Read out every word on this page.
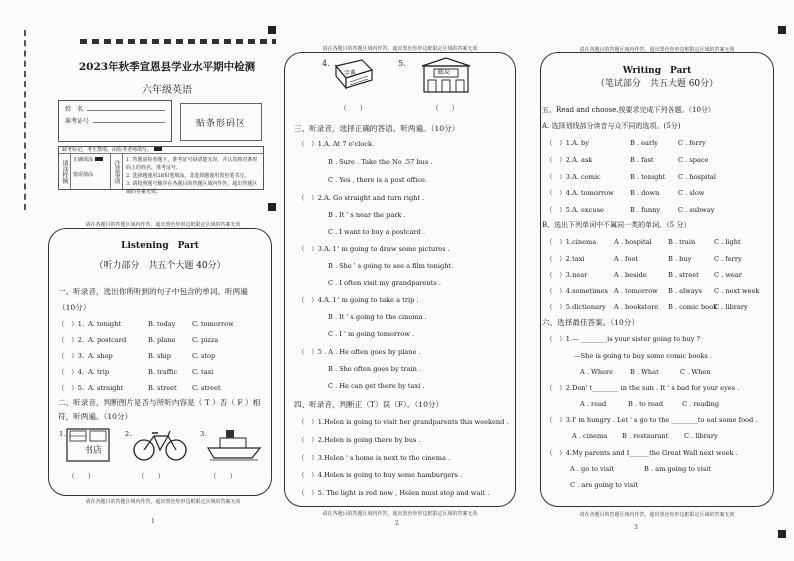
2023年秋季宣恩县学业水平期中检测
六年级英语
姓　名
准考证号	贴条形码区
缺考标记，考生禁填，由监考老师填写。
填涂样例	正确填涂
错误填涂	注意事项	1. 答题前检查题卡，准考证号码清楚无误，并认真核对条形码上的姓名、准考证号。
2. 选择题使用2B铅笔填涂，非选择题使用黑色笔书写。
3. 请按照题号顺序在各题目的答题区域内作答，超出答题区域的答案无效。
请在各题目的答题区域内作答，超出黑色矩形边框限定区域的答案无效
Listening　Part
（听力部分　共五个大题 40分）
一、听录音，选出你所听到的句子中包含的单词。听两遍
（10分）
（　）1. A. tonight	B. today C. tomorrow
（　）2. A. postcard	B. plane	C. pizza
（　）3. A. shop	B. ship	C. stop
（　）4. A. trip	B. traffic C. taxi
（　）5. A. straight	B. street C. street
二、听录音，判断图片是否与所听内容是（ T ）否（ F ）相
符，听两遍。（10分）
1.
书店
2.	3.
（　　）	（　　）	（　　）
请在各题目的答题区域内作答，超出黑色矩形边框限定区域的答案无效
1
请在各题目的答题区域内作答，超出黑色矩形边框限定区域的答案无效
4.
字典
5.
邮局
（　　）	（　　）
三、听录音，选择正确的答语。听两遍。（10分）
（　）1.A. At 7 o'clock.
B . Sure . Take the No .57 bus .
C . Yes , there is a post office.
（　）2.A. Go straight and turn right .
B . It ' s near the park .
C . I want to buy a postcard .
（　）3.A. I ' m going to draw some pictures .
B . She ' s going to see a film tonight.
C . I often visit my grandparents .
（　）4.A. I ' m going to take a trip .
B . It ' s going to the cinema .
C . I ' m going tomorrow .
（　）5 . A . He often goes by plane .
B . She often goes by train .
C . He can get there by taxi .
四、听录音，判断正（T）误（F）。（10分）
（　）1.Helen is going to visit her grandparents this weekend .
（　）2.Helen is going there by bus .
（　）3.Helen ' s home is next to the cinema .
（　）4.Helen is going to buy some hamburgers .
（　）5. The light is red now , Helen must stop and wait .
请在各题目的答题区域内作答，超出黑色矩形边框限定区域的答案无效
2
请在各题目的答题区域内作答，超出黑色矩形边框限定区域的答案无效
Writing　Part
（笔试部分　共五大题 60分）
五、Read and choose.按要求完成下列各题。（10分）
A. 选择划线部分读音与众不同的选项。(5分)
（　）1.A. by	B . early	C . ferry
（　）2.A. ask	B . fast	C . space
（　）3.A. comic	B . tonight C . hospital
（　）4.A. tomorrow B . down	C . slow
（　）5.A. excuse	B . funny	C . subway
B、选出下列单词中不属同一类的单词。（5 分）
（　）1.cinema	A . hospital B . train	C . light
（　）2.taxi	A . foot	B . buy	C . ferry
（　）3.near	A . beside	B . street C . wear
（　）4.sometimes A . tomorrow B . always C . next week
（　）5.dictionary A . bookstore B . comic book
C . library
六、选择最佳答案。（10分）
（　）1.— ________is your sister going to buy ?
—She is going to buy some comic books .
A . Where	B . What	C . When
（　）2.Don' t________ in the sun . It ' s bad for your eyes .
A . read	B . to read	C . reading
（　）3.I' m hungry . Let ' s go to the ________to eat some food .
A . cinema B . restaurant C . library
（　）4.My parents and I______the Great Wall next week .
A . go to visit	B . am going to visit
C . are going to visit
请在各题目的答题区域内作答，超出黑色矩形边框限定区域的答案无效
3
